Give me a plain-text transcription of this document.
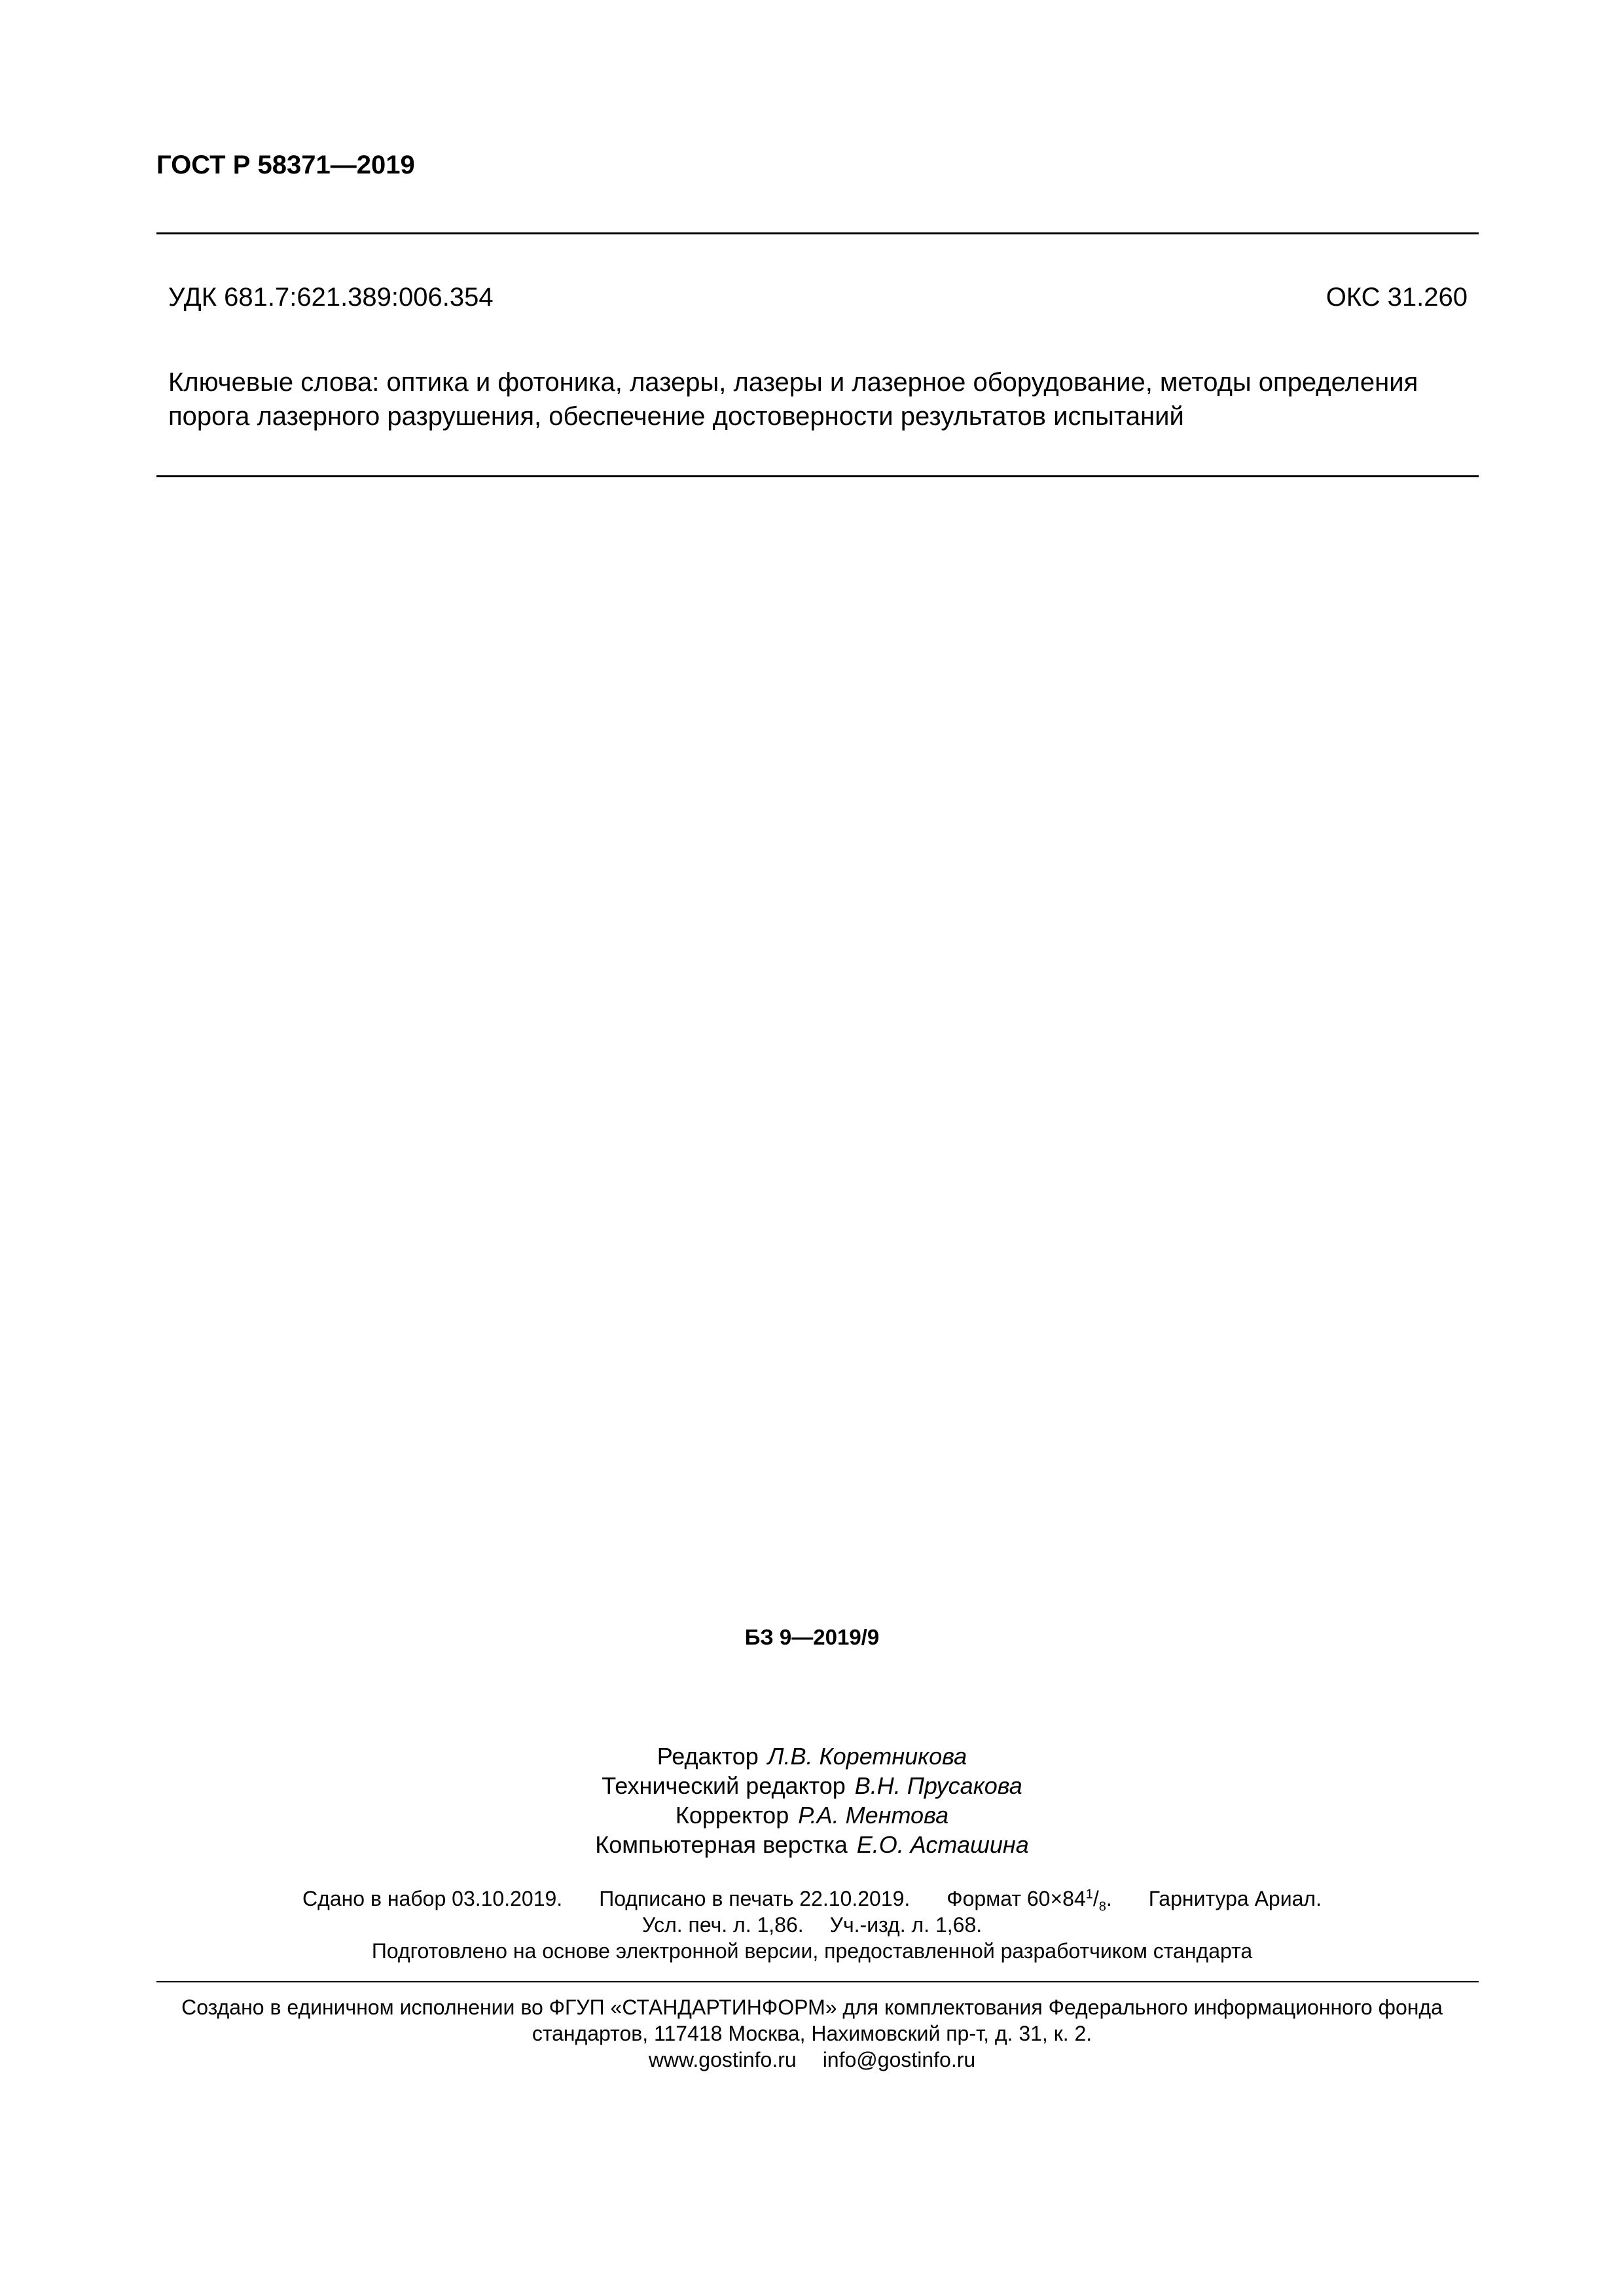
ГОСТ Р 58371—2019
УДК 681.7:621.389:006.354	ОКС 31.260
Ключевые слова: оптика и фотоника, лазеры, лазеры и лазерное оборудование, методы определения
порога лазерного разрушения, обеспечение достоверности результатов испытаний
БЗ 9—2019/9
Редактор Л.В. Коретникова
Технический редактор В.Н. Прусакова
Корректор Р.А. Ментова
Компьютерная верстка Е.О. Асташина
Сдано в набор 03.10.2019. Подписано в печать 22.10.2019. Формат $60\times 84^1/_8$. Гарнитура Ариал.
Усл. печ. л. 1,86. Уч.-изд. л. 1,68.
Подготовлено на основе электронной версии, предоставленной разработчиком стандарта
Создано в единичном исполнении во ФГУП «СТАНДАРТИНФОРМ» для комплектования Федерального информационного фонда
стандартов, 117418 Москва, Нахимовский пр-т, д. 31, к. 2.
www.gostinfo.ru info@gostinfo.ru
